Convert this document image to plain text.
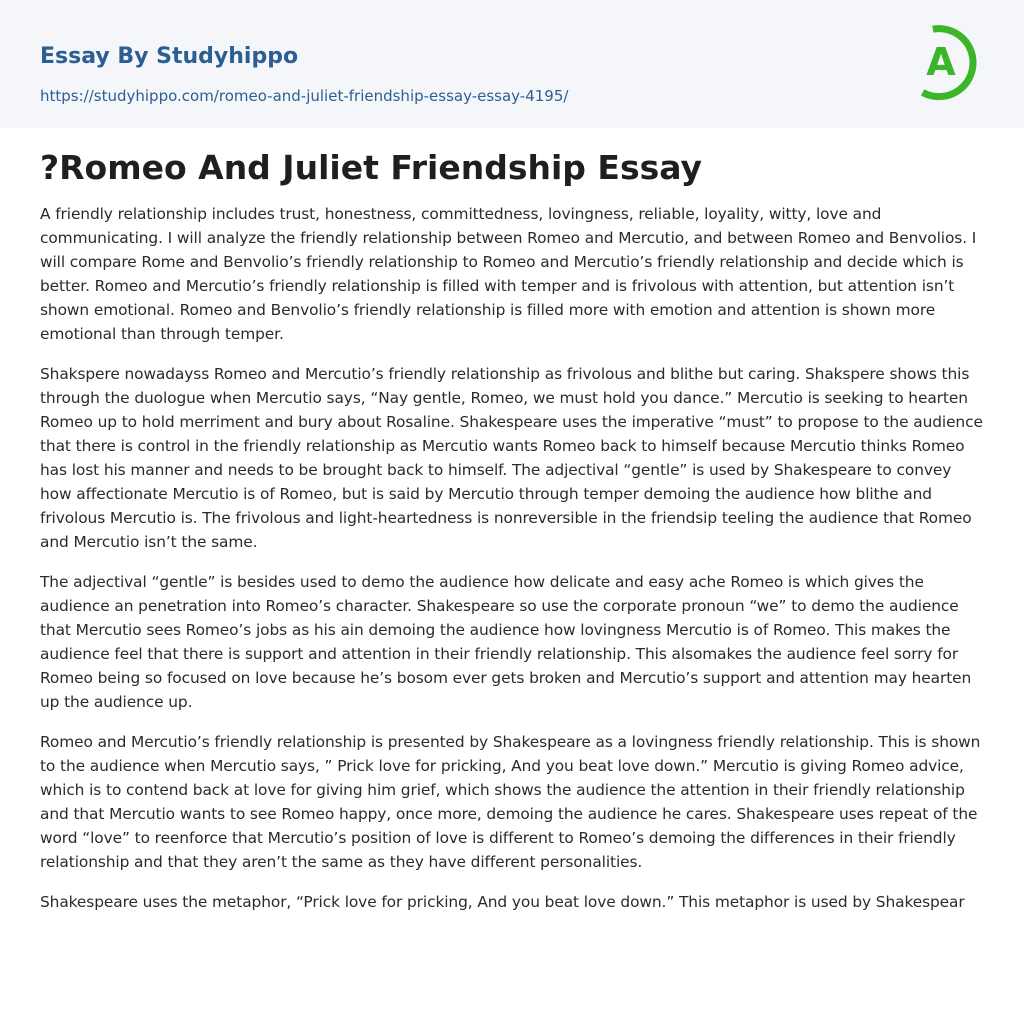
Essay By Studyhippo
https://studyhippo.com/romeo-and-juliet-friendship-essay-essay-4195/
A
?Romeo And Juliet Friendship Essay

A friendly relationship includes trust, honestness, committedness, lovingness, reliable, loyality, witty, love and communicating. I will analyze the friendly relationship between Romeo and Mercutio, and between Romeo and Benvolios. I will compare Rome and Benvolio’s friendly relationship to Romeo and Mercutio’s friendly relationship and decide which is better. Romeo and Mercutio’s friendly relationship is filled with temper and is frivolous with attention, but attention isn’t shown emotional. Romeo and Benvolio’s friendly relationship is filled more with emotion and attention is shown more emotional than through temper.

Shakspere nowadayss Romeo and Mercutio’s friendly relationship as frivolous and blithe but caring. Shakspere shows this through the duologue when Mercutio says, “Nay gentle, Romeo, we must hold you dance.” Mercutio is seeking to hearten Romeo up to hold merriment and bury about Rosaline. Shakespeare uses the imperative “must” to propose to the audience that there is control in the friendly relationship as Mercutio wants Romeo back to himself because Mercutio thinks Romeo has lost his manner and needs to be brought back to himself. The adjectival “gentle” is used by Shakespeare to convey how affectionate Mercutio is of Romeo, but is said by Mercutio through temper demoing the audience how blithe and frivolous Mercutio is. The frivolous and light-heartedness is nonreversible in the friendsip teeling the audience that Romeo and Mercutio isn’t the same.

The adjectival “gentle” is besides used to demo the audience how delicate and easy ache Romeo is which gives the audience an penetration into Romeo’s character. Shakespeare so use the corporate pronoun “we” to demo the audience that Mercutio sees Romeo’s jobs as his ain demoing the audience how lovingness Mercutio is of Romeo. This makes the audience feel that there is support and attention in their friendly relationship. This alsomakes the audience feel sorry for Romeo being so focused on love because he’s bosom ever gets broken and Mercutio’s support and attention may hearten up the audience up.

Romeo and Mercutio’s friendly relationship is presented by Shakespeare as a lovingness friendly relationship. This is shown to the audience when Mercutio says, ” Prick love for pricking, And you beat love down.” Mercutio is giving Romeo advice, which is to contend back at love for giving him grief, which shows the audience the attention in their friendly relationship and that Mercutio wants to see Romeo happy, once more, demoing the audience he cares. Shakespeare uses repeat of the word “love” to reenforce that Mercutio’s position of love is different to Romeo’s demoing the differences in their friendly relationship and that they aren’t the same as they have different personalities.

Shakespeare uses the metaphor, “Prick love for pricking, And you beat love down.” This metaphor is used by Shakespear
